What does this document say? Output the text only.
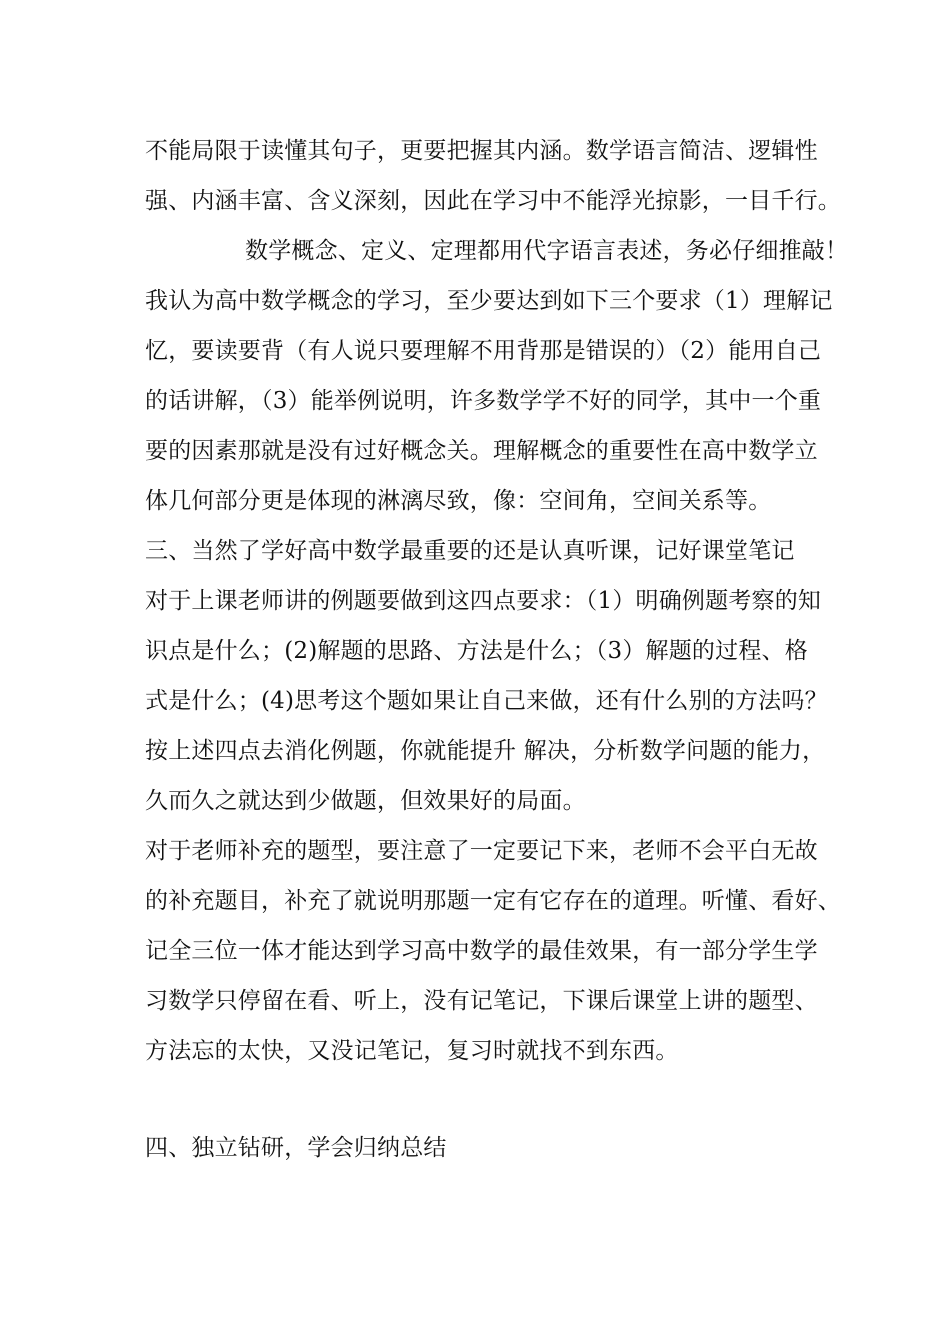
不能局限于读懂其句子，更要把握其内涵。数学语言简洁、逻辑性
强、内涵丰富、含义深刻，因此在学习中不能浮光掠影，一目千行。
数学概念、定义、定理都用代字语言表述，务必仔细推敲！
我认为高中数学概念的学习，至少要达到如下三个要求（1）理解记
忆，要读要背（有人说只要理解不用背那是错误的）（2）能用自己
的话讲解，（3）能举例说明，许多数学学不好的同学，其中一个重
要的因素那就是没有过好概念关。理解概念的重要性在高中数学立
体几何部分更是体现的淋漓尽致，像：空间角，空间关系等。
三、当然了学好高中数学最重要的还是认真听课，记好课堂笔记
对于上课老师讲的例题要做到这四点要求：（1）明确例题考察的知
识点是什么；(2)解题的思路、方法是什么；（3）解题的过程、格
式是什么；(4)思考这个题如果让自己来做，还有什么别的方法吗？
按上述四点去消化例题，你就能提升 解决，分析数学问题的能力，
久而久之就达到少做题，但效果好的局面。
对于老师补充的题型，要注意了一定要记下来，老师不会平白无故
的补充题目，补充了就说明那题一定有它存在的道理。听懂、看好、
记全三位一体才能达到学习高中数学的最佳效果，有一部分学生学
习数学只停留在看、听上，没有记笔记，下课后课堂上讲的题型、
方法忘的太快，又没记笔记，复习时就找不到东西。
四、独立钻研，学会归纳总结
